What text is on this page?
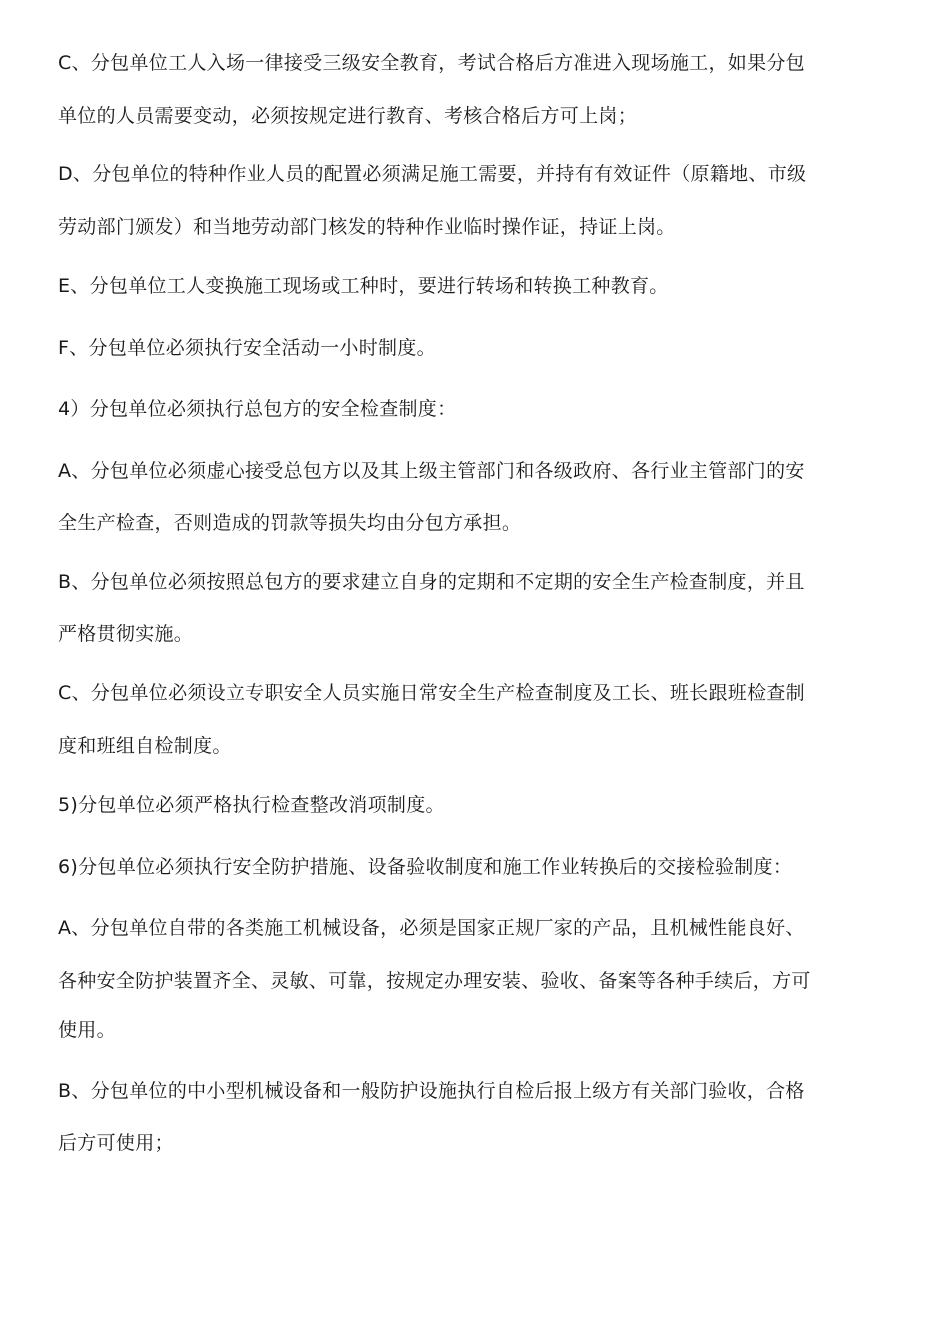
C、分包单位工人入场一律接受三级安全教育，考试合格后方准进入现场施工，如果分包
单位的人员需要变动，必须按规定进行教育、考核合格后方可上岗；
D、分包单位的特种作业人员的配置必须满足施工需要，并持有有效证件（原籍地、市级
劳动部门颁发）和当地劳动部门核发的特种作业临时操作证，持证上岗。
E、分包单位工人变换施工现场或工种时，要进行转场和转换工种教育。
F、分包单位必须执行安全活动一小时制度。
4）分包单位必须执行总包方的安全检查制度：
A、分包单位必须虚心接受总包方以及其上级主管部门和各级政府、各行业主管部门的安
全生产检查，否则造成的罚款等损失均由分包方承担。
B、分包单位必须按照总包方的要求建立自身的定期和不定期的安全生产检查制度，并且
严格贯彻实施。
C、分包单位必须设立专职安全人员实施日常安全生产检查制度及工长、班长跟班检查制
度和班组自检制度。
5)分包单位必须严格执行检查整改消项制度。
6)分包单位必须执行安全防护措施、设备验收制度和施工作业转换后的交接检验制度：
A、分包单位自带的各类施工机械设备，必须是国家正规厂家的产品，且机械性能良好、
各种安全防护装置齐全、灵敏、可靠，按规定办理安装、验收、备案等各种手续后，方可
使用。
B、分包单位的中小型机械设备和一般防护设施执行自检后报上级方有关部门验收，合格
后方可使用；
